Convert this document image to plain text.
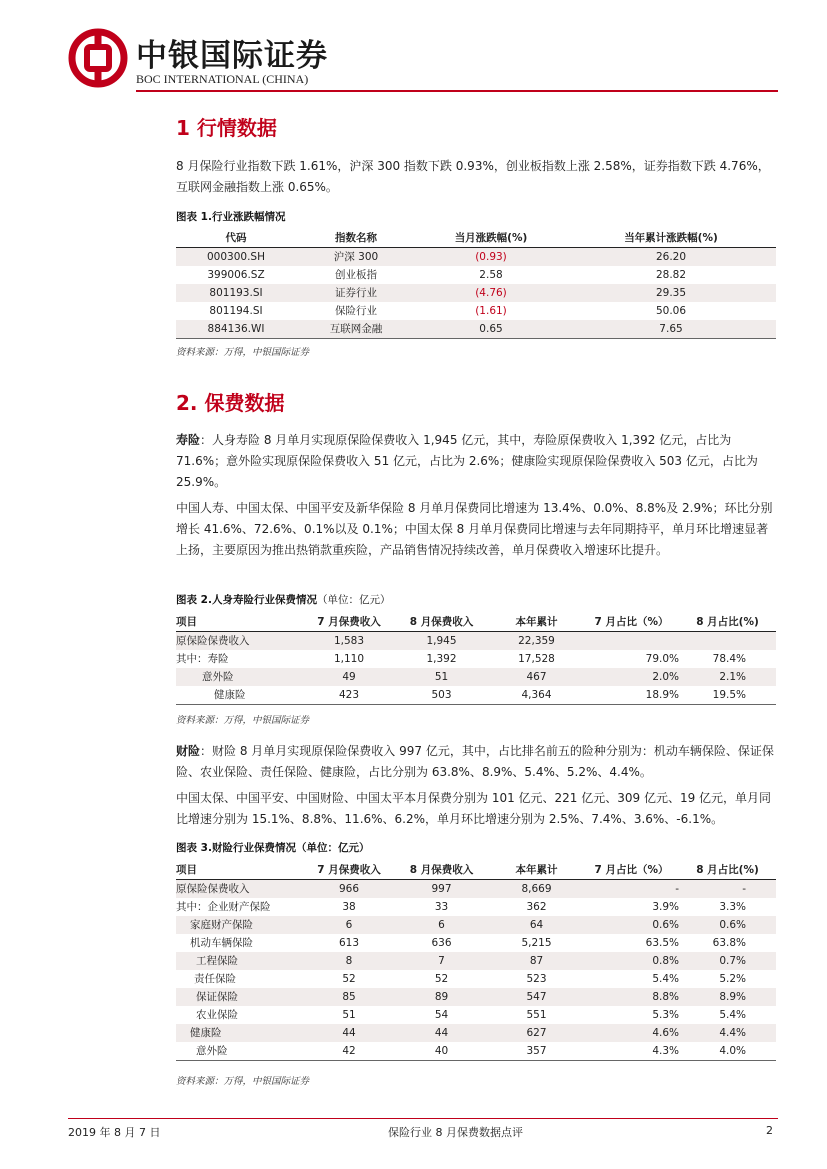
中银国际证券
BOC INTERNATIONAL (CHINA)
1 行情数据
8 月保险行业指数下跌 1.61%，沪深 300 指数下跌 0.93%，创业板指数上涨 2.58%，证券指数下跌 4.76%，互联网金融指数上涨 0.65%。
图表 1.行业涨跌幅情况
代码	指数名称	当月涨跌幅(%)	当年累计涨跌幅(%)
000300.SH	沪深 300	(0.93)	26.20
399006.SZ	创业板指	2.58	28.82
801193.SI	证券行业	(4.76)	29.35
801194.SI	保险行业	(1.61)	50.06
884136.WI	互联网金融	0.65	7.65
资料来源：万得，中银国际证券
2. 保费数据
寿险：人身寿险 8 月单月实现原保险保费收入 1,945 亿元，其中，寿险原保费收入 1,392 亿元，占比为 71.6%；意外险实现原保险保费收入 51 亿元，占比为 2.6%；健康险实现原保险保费收入 503 亿元，占比为 25.9%。
中国人寿、中国太保、中国平安及新华保险 8 月单月保费同比增速为 13.4%、0.0%、8.8%及 2.9%；环比分别增长 41.6%、72.6%、0.1%以及 0.1%；中国太保 8 月单月保费同比增速与去年同期持平，单月环比增速显著上扬，主要原因为推出热销款重疾险，产品销售情况持续改善，单月保费收入增速环比提升。
图表 2.人身寿险行业保费情况（单位：亿元）
项目	7 月保费收入	8 月保费收入	本年累计	7 月占比（%）	8 月占比(%)
原保险保费收入	1,583	1,945	22,359		
其中：寿险	1,110	1,392	17,528	79.0%	78.4%
意外险	49	51	467	2.0%	2.1%
健康险	423	503	4,364	18.9%	19.5%
资料来源：万得，中银国际证券
财险：财险 8 月单月实现原保险保费收入 997 亿元，其中，占比排名前五的险种分别为：机动车辆保险、保证保险、农业保险、责任保险、健康险，占比分别为 63.8%、8.9%、5.4%、5.2%、4.4%。
中国太保、中国平安、中国财险、中国太平本月保费分别为 101 亿元、221 亿元、309 亿元、19 亿元，单月同比增速分别为 15.1%、8.8%、11.6%、6.2%，单月环比增速分别为 2.5%、7.4%、3.6%、-6.1%。
图表 3.财险行业保费情况（单位：亿元）
项目	7 月保费收入	8 月保费收入	本年累计	7 月占比（%）	8 月占比(%)
原保险保费收入	966	997	8,669	-	-
其中：企业财产保险	38	33	362	3.9%	3.3%
家庭财产保险	6	6	64	0.6%	0.6%
机动车辆保险	613	636	5,215	63.5%	63.8%
工程保险	8	7	87	0.8%	0.7%
责任保险	52	52	523	5.4%	5.2%
保证保险	85	89	547	8.8%	8.9%
农业保险	51	54	551	5.3%	5.4%
健康险	44	44	627	4.6%	4.4%
意外险	42	40	357	4.3%	4.0%
资料来源：万得，中银国际证券
2019 年 8 月 7 日	保险行业 8 月保费数据点评	2
